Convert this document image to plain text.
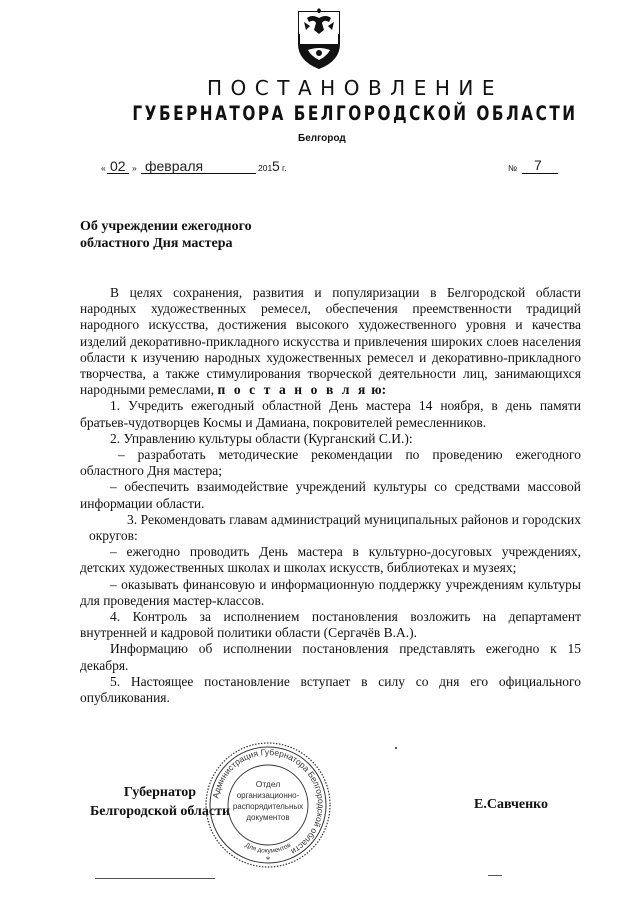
ПОСТАНОВЛЕНИЕ
ГУБЕРНАТОРА БЕЛГОРОДСКОЙ ОБЛАСТИ
Белгород
« 02 » февраля	201 5 г.	№ 7
Об учреждении ежегодного
областного Дня мастера

В целях сохранения, развития и популяризации в Белгородской области народных художественных ремесел, обеспечения преемственности традиций народного искусства, достижения высокого художественного уровня и качества изделий декоративно-прикладного искусства и привлечения широких слоев населения области к изучению народных художественных ремесел и декоративно-прикладного творчества, а также стимулирования творческой деятельности лиц, занимающихся народными ремеслами, п о с т а н о в л я ю:

1. Учредить ежегодный областной День мастера 14 ноября, в день памяти братьев-чудотворцев Космы и Дамиана, покровителей ремесленников.

2. Управлению культуры области (Курганский С.И.):

– разработать методические рекомендации по проведению ежегодного областного Дня мастера;

– обеспечить взаимодействие учреждений культуры со средствами массовой информации области.

3. Рекомендовать главам администраций муниципальных районов и городских округов:

– ежегодно проводить День мастера в культурно-досуговых учреждениях, детских художественных школах и школах искусств, библиотеках и музеях;

– оказывать финансовую и информационную поддержку учреждениям культуры для проведения мастер-классов.

4. Контроль за исполнением постановления возложить на департамент внутренней и кадровой политики области (Сергачёв В.А.).

Информацию об исполнении постановления представлять ежегодно к 15 декабря.

5. Настоящее постановление вступает в силу со дня его официального опубликования.

Губернатор
Белгородской области	Е.Савченко
Администрация Губернатора Белгородской области
Отдел
организационно-
распорядительных
документов
Для документов
*
